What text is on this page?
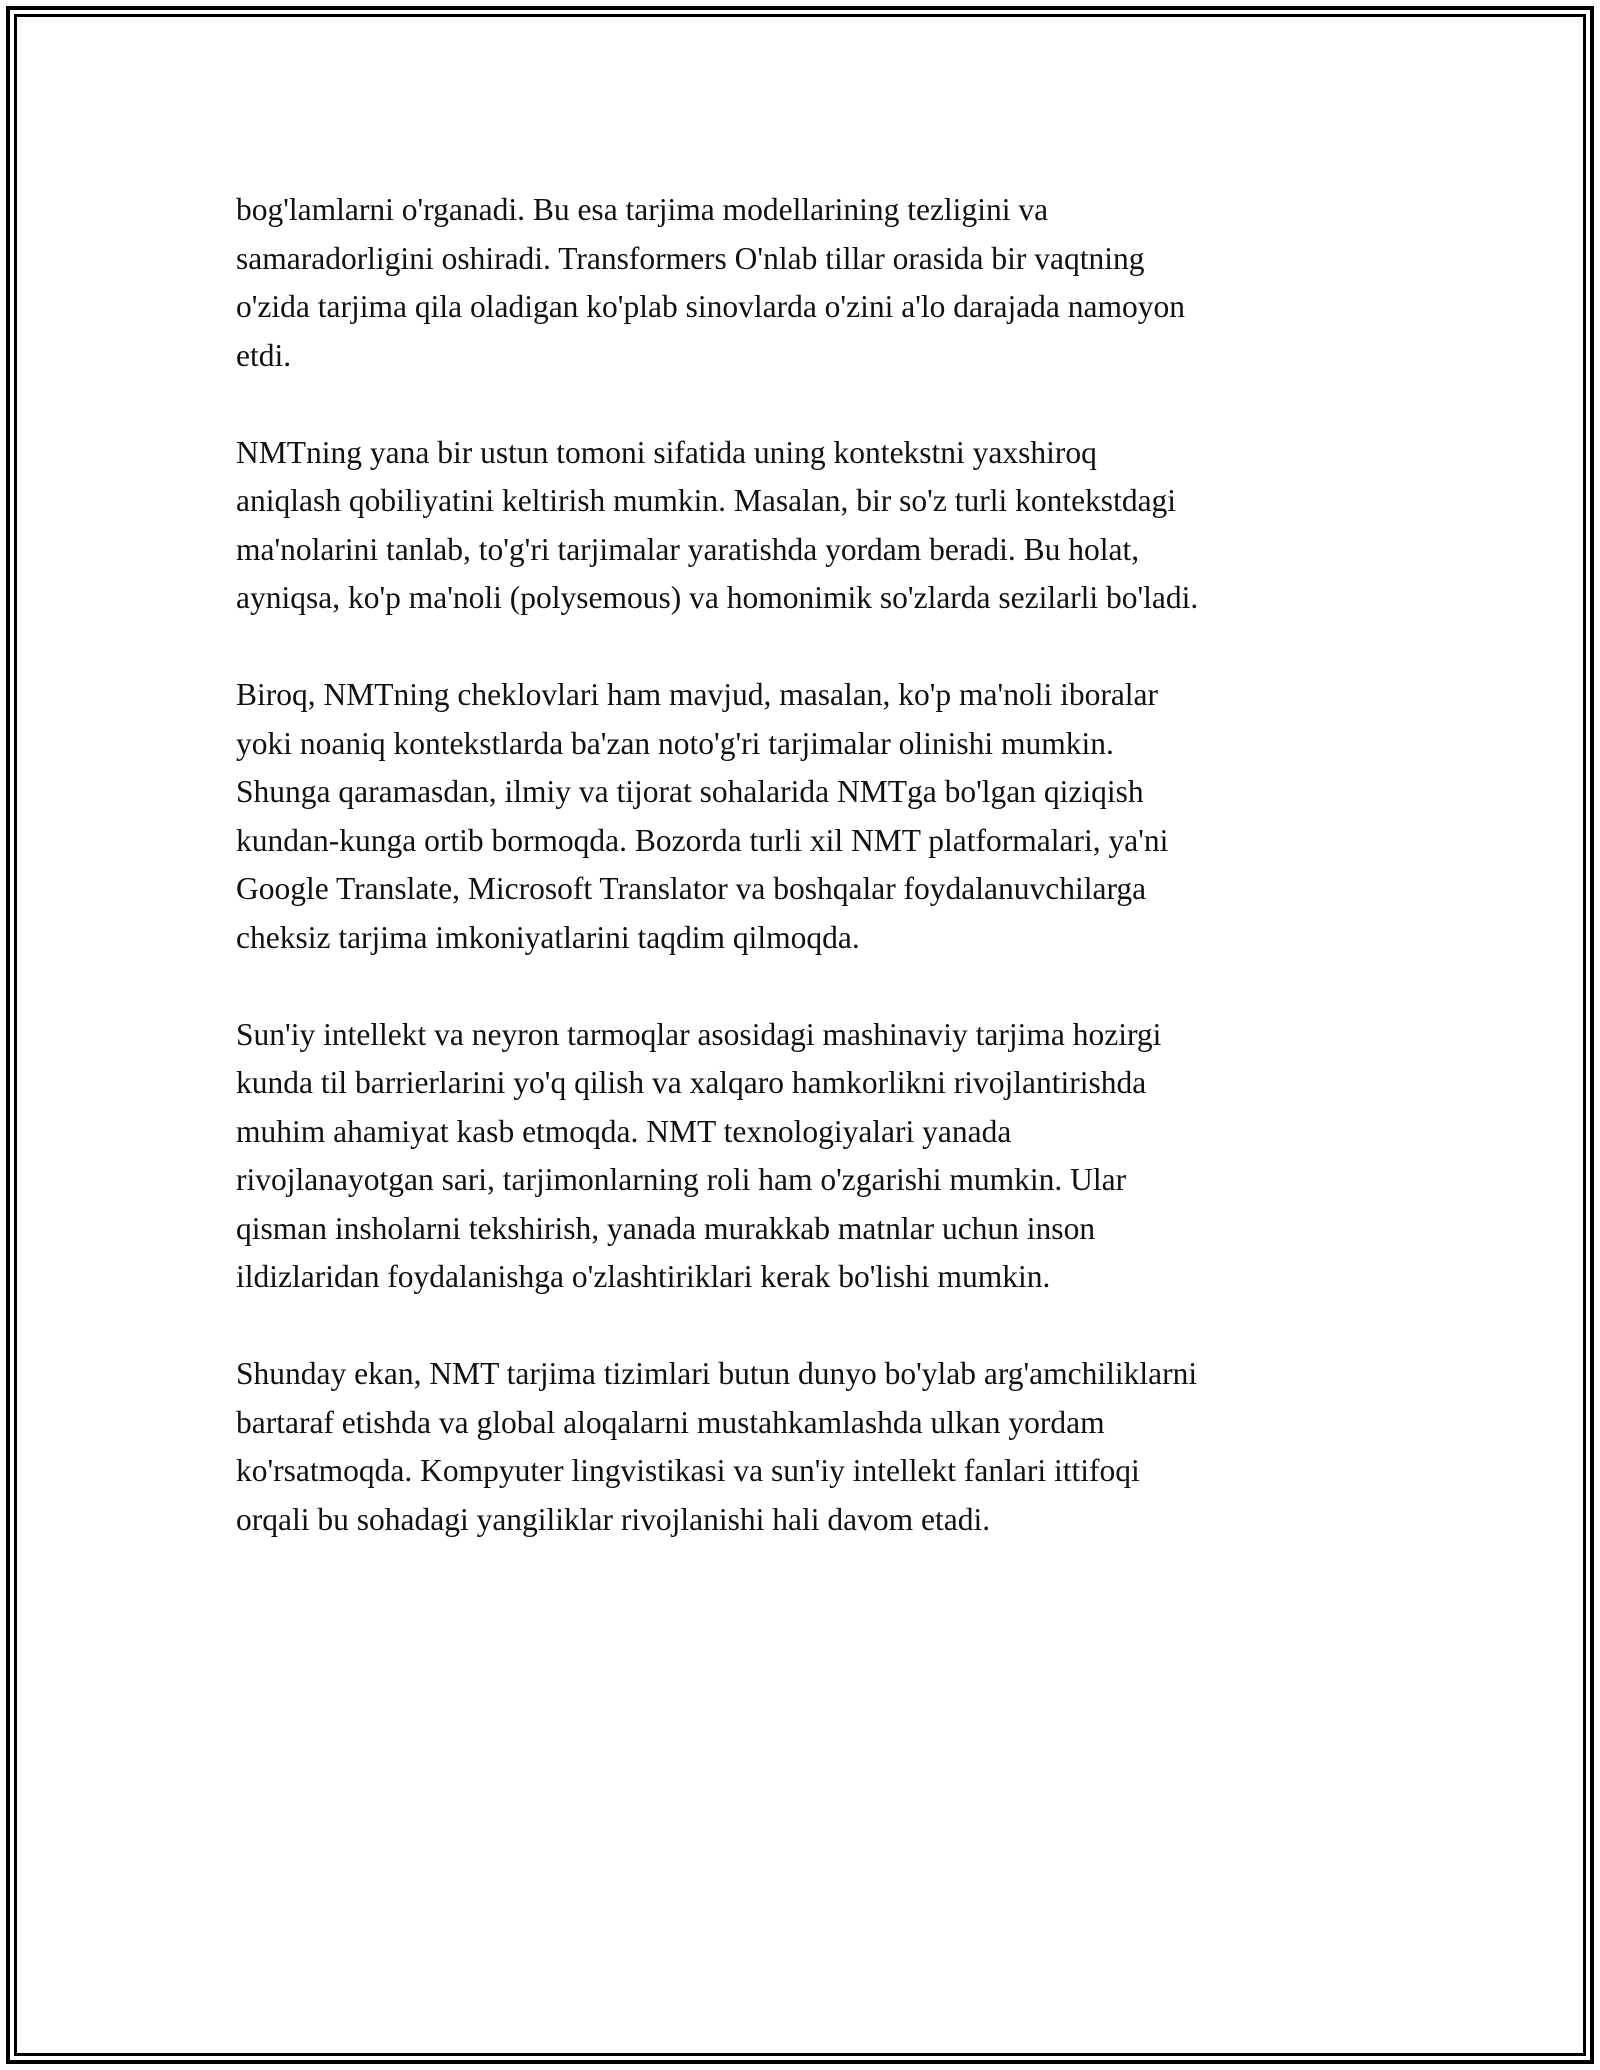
bog'lamlarni o'rganadi. Bu esa tarjima modellarining tezligini va
samaradorligini oshiradi. Transformers O'nlab tillar orasida bir vaqtning
o'zida tarjima qila oladigan ko'plab sinovlarda o'zini a'lo darajada namoyon
etdi.

NMTning yana bir ustun tomoni sifatida uning kontekstni yaxshiroq
aniqlash qobiliyatini keltirish mumkin. Masalan, bir so'z turli kontekstdagi
ma'nolarini tanlab, to'g'ri tarjimalar yaratishda yordam beradi. Bu holat,
ayniqsa, ko'p ma'noli (polysemous) va homonimik so'zlarda sezilarli bo'ladi.

Biroq, NMTning cheklovlari ham mavjud, masalan, ko'p ma'noli iboralar
yoki noaniq kontekstlarda ba'zan noto'g'ri tarjimalar olinishi mumkin.
Shunga qaramasdan, ilmiy va tijorat sohalarida NMTga bo'lgan qiziqish
kundan-kunga ortib bormoqda. Bozorda turli xil NMT platformalari, ya'ni
Google Translate, Microsoft Translator va boshqalar foydalanuvchilarga
cheksiz tarjima imkoniyatlarini taqdim qilmoqda.

Sun'iy intellekt va neyron tarmoqlar asosidagi mashinaviy tarjima hozirgi
kunda til barrierlarini yo'q qilish va xalqaro hamkorlikni rivojlantirishda
muhim ahamiyat kasb etmoqda. NMT texnologiyalari yanada
rivojlanayotgan sari, tarjimonlarning roli ham o'zgarishi mumkin. Ular
qisman insholarni tekshirish, yanada murakkab matnlar uchun inson
ildizlaridan foydalanishga o'zlashtiriklari kerak bo'lishi mumkin.

Shunday ekan, NMT tarjima tizimlari butun dunyo bo'ylab arg'amchiliklarni
bartaraf etishda va global aloqalarni mustahkamlashda ulkan yordam
ko'rsatmoqda. Kompyuter lingvistikasi va sun'iy intellekt fanlari ittifoqi
orqali bu sohadagi yangiliklar rivojlanishi hali davom etadi.
